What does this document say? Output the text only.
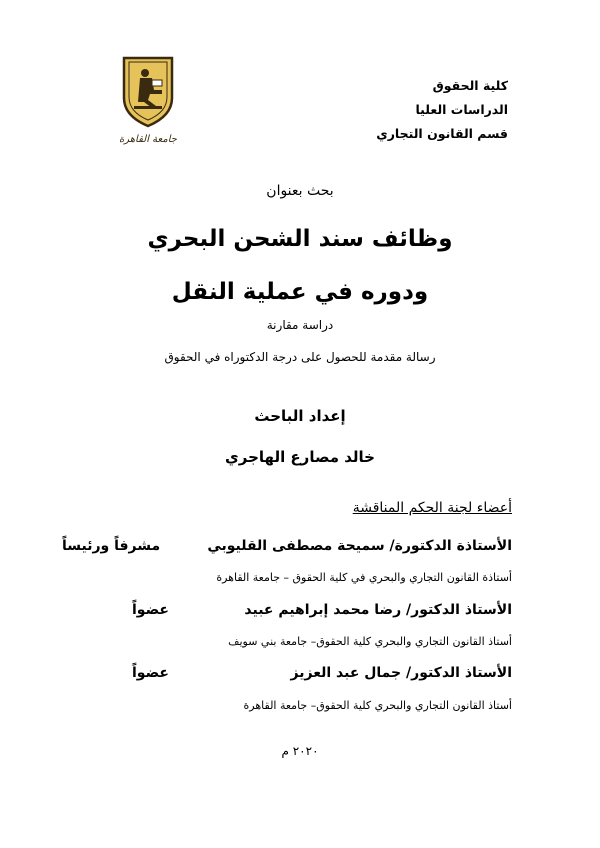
جامعة القاهرة
كلية الحقوق
الدراسات العليا
قسم القانون التجاري
بحث بعنوان
وظائف سند الشحن البحري
ودوره في عملية النقل
دراسة مقارنة
رسالة مقدمة للحصول على درجة الدكتوراه في الحقوق
إعداد الباحث
خالد مصارع الهاجري
أعضاء لجنة الحكم المناقشة
الأستاذة الدكتورة/ سميحة مصطفى القليوبي
مشرفاً ورئيساً
أستاذة القانون التجاري والبحري في كلية الحقوق – جامعة القاهرة
الأستاذ الدكتور/ رضا محمد إبراهيم عبيد
عضواً
أستاذ القانون التجاري والبحري كلية الحقوق– جامعة بني سويف
الأستاذ الدكتور/ جمال عبد العزيز
عضواً
أستاذ القانون التجاري والبحري كلية الحقوق– جامعة القاهرة
٢٠٢٠ م
